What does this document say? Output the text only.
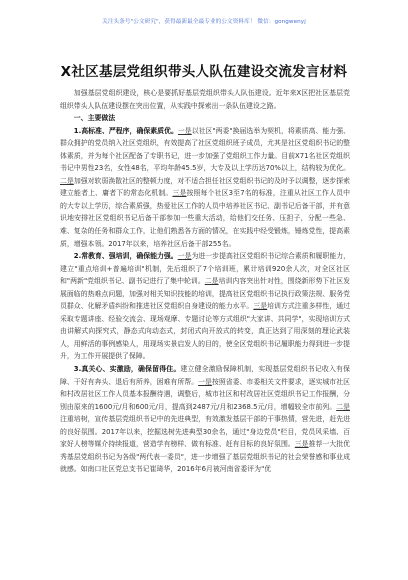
关注头条号"公文研究"，获得最新最全最专业的公文资料库！ 微信：gongwenyj
X社区基层党组织带头人队伍建设交流发言材料

加强基层党组织建设，核心是要抓好基层党组织带头人队伍建设。近年来X区把社区基层党组织带头人队伍建设摆在突出位置，从实践中探索出一条队伍建设之路。

一、主要做法

1.高标准、严程序，确保素质优。一是以社区"两委"换届选举为契机，将素质高、能力强、群众拥护的党员纳入社区党组织，有效提高了社区党组织班子成员，尤其是社区党组织书记的整体素质，并为每个社区配备了专职书记，进一步加强了党组织工作力量。目前X71名社区党组织书记中男性23名，女性48名，平均年龄45.5岁，大专及以上学历达70%以上，结构较为优化。二是加强对软弱涣散社区的整顿力度，对不适合担任社区党组织书记的及时予以调整，逐步探索建立能者上、庸者下的常态化机制。三是按照每个社区3至7名的标准，注重从社区工作人员中的大专以上学历，综合素质强，热爱社区工作的人员中培养社区书记、副书记后备干部，并有意识地安排社区党组织书记后备干部参加一些重大活动，给他们交任务、压担子，分配一些急、难、复杂的任务和群众工作，让他们熟悉各方面的情况，在实践中经受锻炼，锤炼党性，提高素质，增强本领。2017年以来，培养社区后备干部255名。

2.常教育、强培训，确保能力强。一是为进一步提高社区党组织书记综合素质和履职能力，建立"重点培训+普遍培训"机制，先后组织了7个培训班，累计培训920余人次，对全区社区和"两新"党组织书记、副书记进行了集中轮训。二是培训内容突出针对性，围绕新形势下社区发展面临的热难点问题，加强对相关知识技能的培训，提高社区党组织书记执行政策法规、服务党员群众、化解矛盾纠纷和推进社区党组织自身建设的能力水平。三是培训方式注重多样性，通过采取专题讲座、经验交流会、现场观摩、专题讨论等方式组织"大家讲、共同学"，实现培训方式由讲解式向探究式，静态式向动态式，封闭式向开放式的转变，真正达到了用深刻的理论武装人，用鲜活的事例感染人，用现场实景启发人的目的，使全区党组织书记履职能力得到进一步提升，为工作开展提供了保障。

3.真关心、实激励，确保留得住。建立健全激励保障机制，实现基层党组织书记收入有保障、干好有奔头、退后有所养，困难有所帮。一是按照省委、市委相关文件要求，逐实城市社区和村改居社区工作人员基本报酬待遇，调整后，城市社区和村改居社区党组织书记工作报酬，分别由原来的1600元/月和600元/月，提高到2487元/月和2368.5元/月，增幅较全市前列。二是注重培树，宣传基层党组织书记中的先进典型，有效激发基层干部的干事热情，营先进，赶先进的良好氛围。2017年以来，挖掘选树先进典型30余名，通过"身边党员"栏目，党员风采墙、百家好人榜等媒介持续报道，营造学有榜样、做有标准、赶有目标的良好氛围。三是推荐一大批优秀基层党组织书记为各级"两代表一委员"，进一步增强了基层党组织书记的社会荣誉感和事业成就感。如南口社区党总支书记崔琦华，2016年6月被河南省委评为"优
